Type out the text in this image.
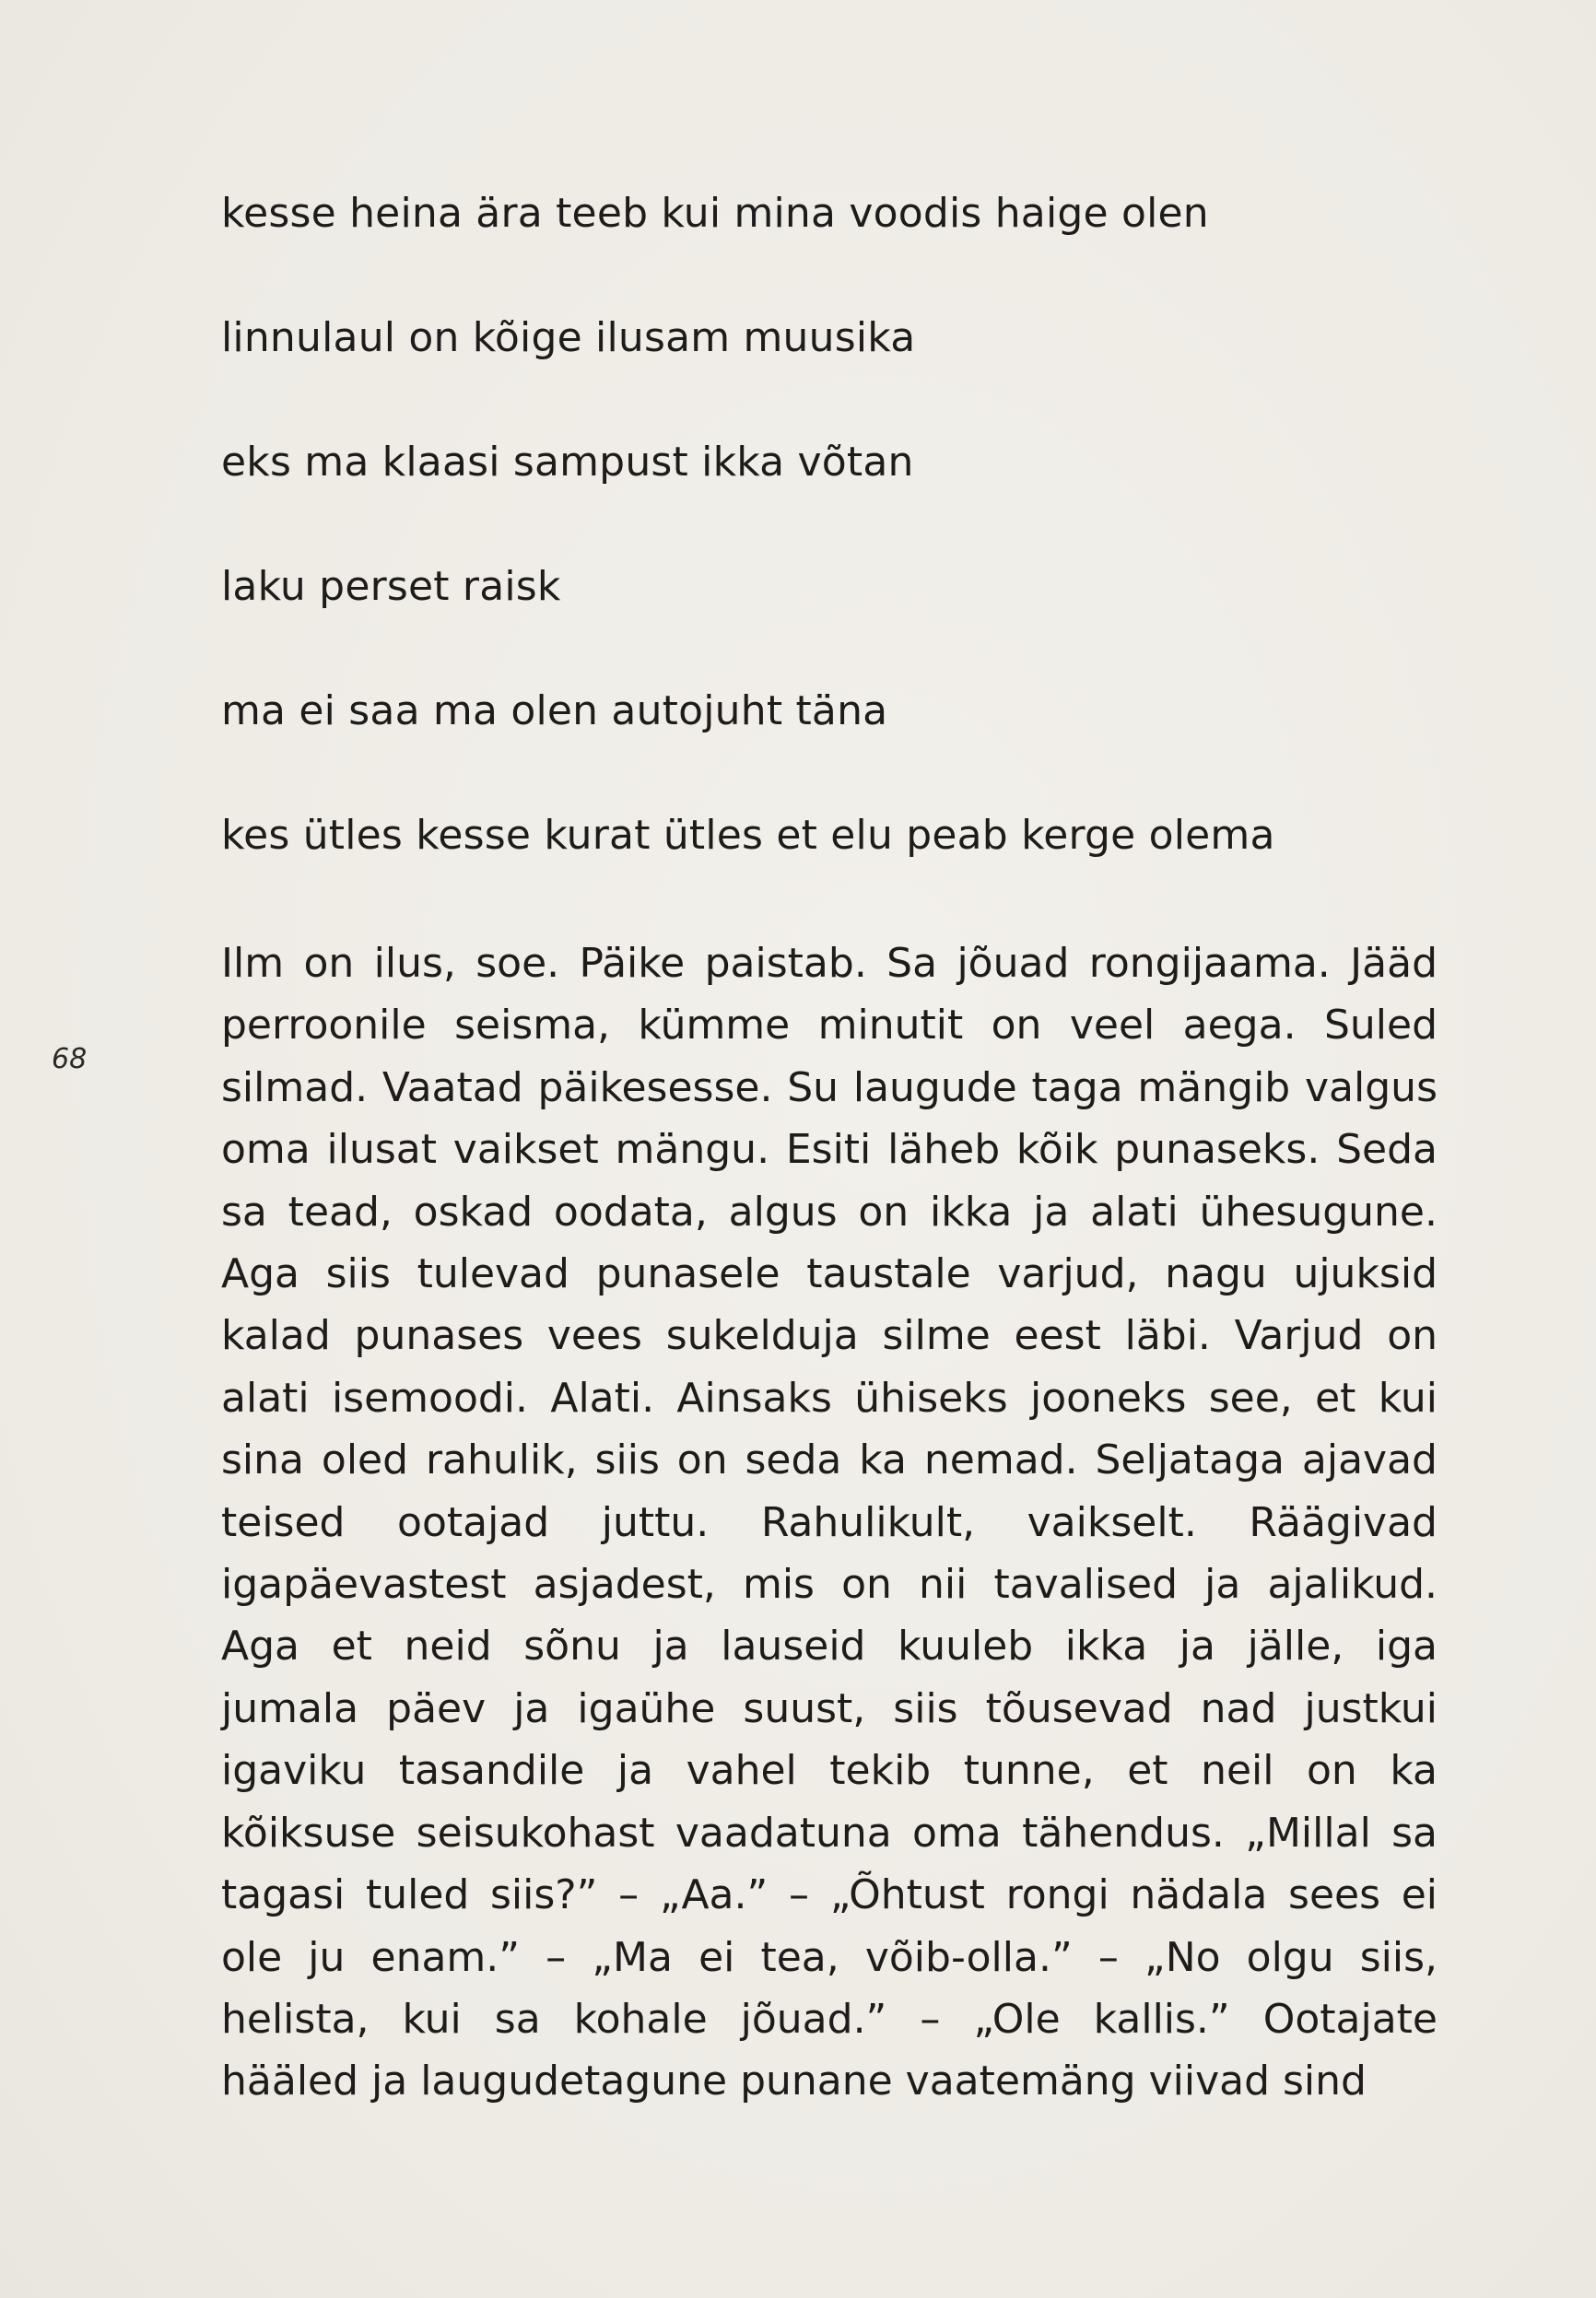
kesse heina ära teeb kui mina voodis haige olen
linnulaul on kõige ilusam muusika
eks ma klaasi sampust ikka võtan
laku perset raisk
ma ei saa ma olen autojuht täna
kes ütles kesse kurat ütles et elu peab kerge olema
68
Ilm on ilus, soe. Päike paistab. Sa jõuad rongijaama. Jääd
perroonile seisma, kümme minutit on veel aega. Suled
silmad. Vaatad päikesesse. Su laugude taga mängib valgus
oma ilusat vaikset mängu. Esiti läheb kõik punaseks. Seda
sa tead, oskad oodata, algus on ikka ja alati ühesugune.
Aga siis tulevad punasele taustale varjud, nagu ujuksid
kalad punases vees sukelduja silme eest läbi. Varjud on
alati isemoodi. Alati. Ainsaks ühiseks jooneks see, et kui
sina oled rahulik, siis on seda ka nemad. Seljataga ajavad
teised ootajad juttu. Rahulikult, vaikselt. Räägivad
igapäevastest asjadest, mis on nii tavalised ja ajalikud.
Aga et neid sõnu ja lauseid kuuleb ikka ja jälle, iga
jumala päev ja igaühe suust, siis tõusevad nad justkui
igaviku tasandile ja vahel tekib tunne, et neil on ka
kõiksuse seisukohast vaadatuna oma tähendus. „Millal sa
tagasi tuled siis?” – „Aa.” – „Õhtust rongi nädala sees ei
ole ju enam.” – „Ma ei tea, võib-olla.” – „No olgu siis,
helista, kui sa kohale jõuad.” – „Ole kallis.” Ootajate
hääled ja laugudetagune punane vaatemäng viivad sind
